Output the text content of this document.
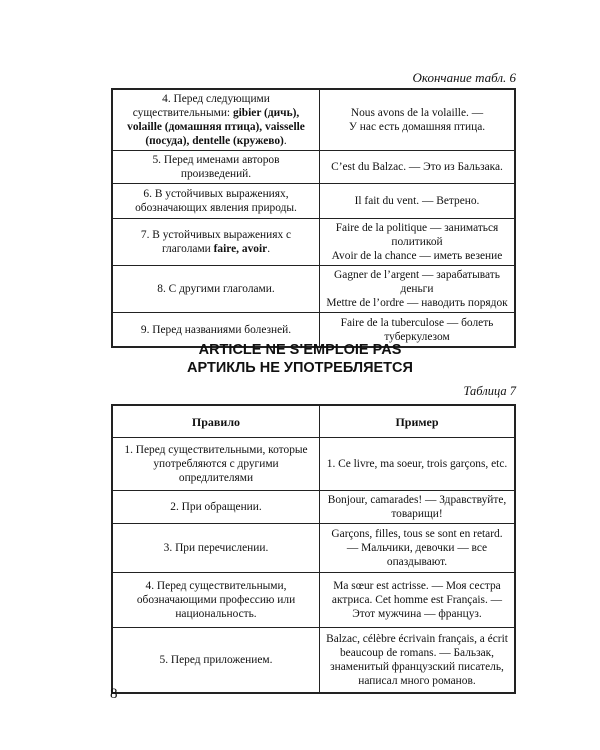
Окончание табл. 6
4. Перед следующими существительными: gibier (дичь), volaille (домашняя птица), vaisselle (посуда), dentelle (кружево).	Nous avons de la volaille. —
У нас есть домашняя птица.
5. Перед именами авторов произведений.	C’est du Balzac. — Это из Бальзака.
6. В устойчивых выражениях, обозначающих явления природы.	Il fait du vent. — Ветрено.
7. В устойчивых выражениях с глаголами faire, avoir.	Faire de la politique — заниматься политикой
Avoir de la chance — иметь везение
8. С другими глаголами.	Gagner de l’argent — зарабатывать деньги
Mettre de l’ordre — наводить порядок
9. Перед названиями болезней.	Faire de la tuberculose — болеть туберкулезом
ARTICLE NE S’EMPLOIE PAS
АРТИКЛЬ НЕ УПОТРЕБЛЯЕТСЯ
Таблица 7
Правило	Пример
1. Перед существительными, которые употребляются с другими опредлителями	1. Ce livre, ma soeur, trois garçons, etc.
2. При обращении.	Bonjour, camarades! — Здравствуйте, товарищи!
3. При перечислении.	Garçons, filles, tous se sont en retard. — Мальчики, девочки — все опаздывают.
4. Перед существительными, обозначающими профессию или национальность.	Ma sœur est actrisse. — Моя сестра актриса. Cet homme est Français. — Этот мужчина — француз.
5. Перед приложением.	Balzac, célèbre écrivain français, a écrit beaucoup de romans. — Бальзак, знаменитый французский писатель, написал много романов.
8
